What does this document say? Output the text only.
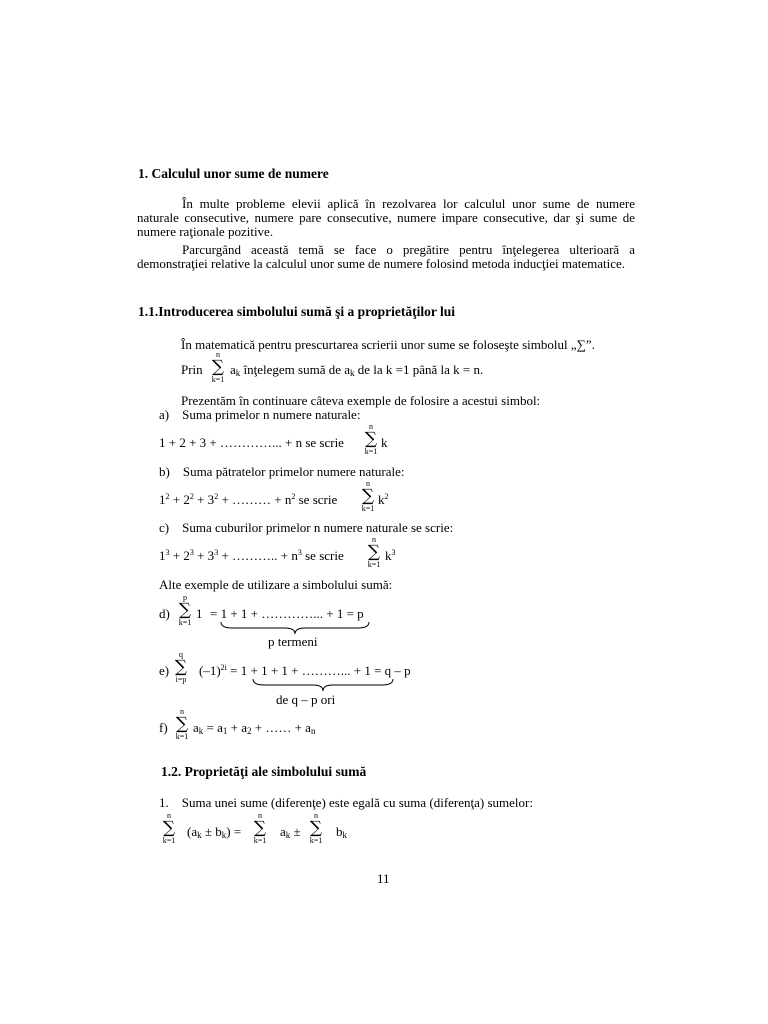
1. Calculul unor sume de numere

În multe probleme elevii aplică în rezolvarea lor calculul unor sume de numere naturale consecutive, numere pare consecutive, numere impare consecutive, dar şi sume de numere raţionale pozitive.

Parcurgând această temă se face o pregătire pentru înţelegerea ulterioară a demonstraţiei relative la calculul unor sume de numere folosind metoda inducţiei matematice.

1.1.Introducerea simbolului sumă şi a proprietăţilor lui
În matematică pentru prescurtarea scrierii unor sume se foloseşte simbolul „∑”.
Prin
n
∑
k=1
$a_k$ înţelegem sumă de $a_k$ de la k =1 până la k = n.
Prezentăm în continuare câteva exemple de folosire a acestui simbol:
a) Suma primelor n numere naturale:
1 + 2 + 3 + …………... + n se scrie
n
∑
k=1
k
b) Suma pătratelor primelor numere naturale:
$1^2 + 2^2 + 3^2$ + ……… + $n^2$ se scrie
n
∑
k=1
$k^2$
c) Suma cuburilor primelor n numere naturale se scrie:
$1^3 + 2^3 + 3^3$ + ……….. + $n^3$ se scrie
n
∑
k=1
$k^3$
Alte exemple de utilizare a simbolului sumă:
d)
p
∑
k=1
1 = 1 + 1 + …………... + 1 = p
p termeni
e)
q
∑
i=p
$(-1)^{2i} = 1 + 1 + 1$ + ………... + 1 = q – p
de q – p ori
f)
n
∑
k=1
$a_k = a_1 + a_2$ + …… + $a_n$
1.2. Proprietăţi ale simbolului sumă
1. Suma unei sume (diferenţe) este egală cu suma (diferenţa) sumelor:
n
∑
k=1
$(a_k \pm b_k)$ =
n
∑
k=1
$a_k$ ±
n
∑
k=1
$b_k$
11
